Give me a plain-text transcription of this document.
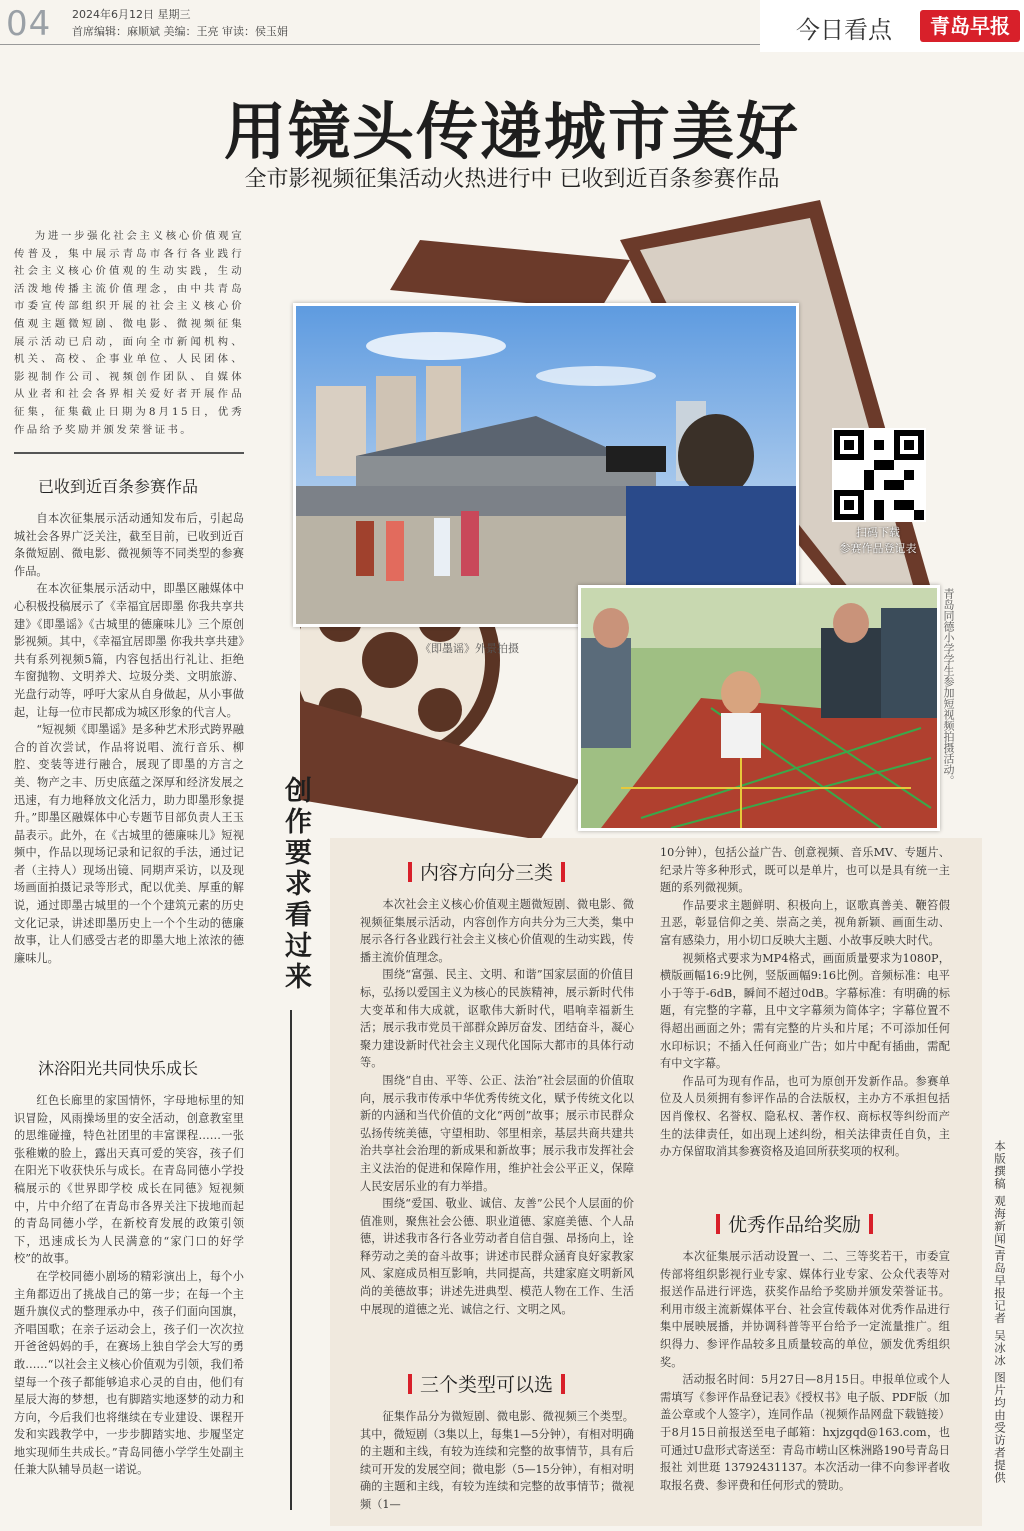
04 2024年6月12日 星期三
首席编辑：麻顺斌 美编：王亮 审读：侯玉娟	今日看点	青岛早报
用镜头传递城市美好
全市影视频征集活动火热进行中 已收到近百条参赛作品

为进一步强化社会主义核心价值观宣传普及，集中展示青岛市各行各业践行社会主义核心价值观的生动实践，生动活泼地传播主流价值理念，由中共青岛市委宣传部组织开展的社会主义核心价值观主题微短剧、微电影、微视频征集展示活动已启动，面向全市新闻机构、机关、高校、企事业单位、人民团体、影视制作公司、视频创作团队、自媒体从业者和社会各界相关爱好者开展作品征集，征集截止日期为8月15日，优秀作品给予奖励并颁发荣誉证书。

已收到近百条参赛作品

自本次征集展示活动通知发布后，引起岛城社会各界广泛关注，截至目前，已收到近百条微短剧、微电影、微视频等不同类型的参赛作品。

在本次征集展示活动中，即墨区融媒体中心积极投稿展示了《幸福宜居即墨 你我共享共建》《即墨谣》《古城里的德廉味儿》三个原创影视频。其中，《幸福宜居即墨 你我共享共建》共有系列视频5篇，内容包括出行礼让、拒绝车窗抛物、文明养犬、垃圾分类、文明旅游、光盘行动等，呼吁大家从自身做起，从小事做起，让每一位市民都成为城区形象的代言人。

“短视频《即墨谣》是多种艺术形式跨界融合的首次尝试，作品将说唱、流行音乐、柳腔、变装等进行融合，展现了即墨的方言之美、物产之丰、历史底蕴之深厚和经济发展之迅速，有力地释放文化活力，助力即墨形象提升。”即墨区融媒体中心专题节目部负责人王玉晶表示。此外，在《古城里的德廉味儿》短视频中，作品以现场记录和记叙的手法，通过记者（主持人）现场出镜、同期声采访，以及现场画面拍摄记录等形式，配以优美、厚重的解说，通过即墨古城里的一个个建筑元素的历史文化记录，讲述即墨历史上一个个生动的德廉故事，让人们感受古老的即墨大地上浓浓的德廉味儿。

沐浴阳光共同快乐成长

红色长廊里的家国情怀，字母地标里的知识冒险，风雨操场里的安全活动，创意教室里的思维碰撞，特色社团里的丰富课程……一张张稚嫩的脸上，露出天真可爱的笑容，孩子们在阳光下收获快乐与成长。在青岛同德小学投稿展示的《世界即学校 成长在同德》短视频中，片中介绍了在青岛市各界关注下拔地而起的青岛同德小学，在新校育发展的政策引领下，迅速成长为人民满意的“家门口的好学校”的故事。

在学校同德小剧场的精彩演出上，每个小主角都迈出了挑战自己的第一步；在每一个主题升旗仪式的整理承办中，孩子们面向国旗，齐唱国歌；在亲子运动会上，孩子们一次次拉开爸爸妈妈的手，在赛场上独自学会大写的勇敢……“以社会主义核心价值观为引领，我们希望每一个孩子都能够追求心灵的自由，他们有星辰大海的梦想，也有脚踏实地逐梦的动力和方向，今后我们也将继续在专业建设、课程开发和实践教学中，一步步脚踏实地、步履坚定地实现师生共成长。”青岛同德小学学生处副主任兼大队辅导员赵一诺说。

创作要求看过来
《即墨谣》外景拍摄
扫码下载
参赛作品登记表
青岛同德小学学生参加短视频拍摄活动。
内容方向分三类

本次社会主义核心价值观主题微短剧、微电影、微视频征集展示活动，内容创作方向共分为三大类，集中展示各行各业践行社会主义核心价值观的生动实践，传播主流价值理念。

围绕“富强、民主、文明、和谐”国家层面的价值目标，弘扬以爱国主义为核心的民族精神，展示新时代伟大变革和伟大成就，讴歌伟大新时代，唱响幸福新生活；展示我市党员干部群众踔厉奋发、团结奋斗，凝心聚力建设新时代社会主义现代化国际大都市的具体行动等。

围绕“自由、平等、公正、法治”社会层面的价值取向，展示我市传承中华优秀传统文化，赋予传统文化以新的内涵和当代价值的文化“两创”故事；展示市民群众弘扬传统美德，守望相助、邻里相亲，基层共商共建共治共享社会治理的新成果和新故事；展示我市发挥社会主义法治的促进和保障作用，维护社会公平正义，保障人民安居乐业的有力举措。

围绕“爱国、敬业、诚信、友善”公民个人层面的价值准则，聚焦社会公德、职业道德、家庭美德、个人品德，讲述我市各行各业劳动者自信自强、昂扬向上，诠释劳动之美的奋斗故事；讲述市民群众涵育良好家教家风、家庭成员相互影响，共同提高，共建家庭文明新风尚的美德故事；讲述先进典型、模范人物在工作、生活中展现的道德之光、诚信之行、文明之风。

三个类型可以选

征集作品分为微短剧、微电影、微视频三个类型。其中，微短剧（3集以上，每集1—5分钟），有相对明确的主题和主线，有较为连续和完整的故事情节，具有后续可开发的发展空间；微电影（5—15分钟），有相对明确的主题和主线，有较为连续和完整的故事情节；微视频（1—

10分钟），包括公益广告、创意视频、音乐MV、专题片、纪录片等多种形式，既可以是单片，也可以是具有统一主题的系列微视频。

作品要求主题鲜明、积极向上，讴歌真善美、鞭笞假丑恶，彰显信仰之美、崇高之美，视角新颖、画面生动、富有感染力，用小切口反映大主题、小故事反映大时代。

视频格式要求为MP4格式，画面质量要求为1080P，横版画幅16:9比例，竖版画幅9:16比例。音频标准：电平小于等于-6dB，瞬间不超过0dB。字幕标准：有明确的标题，有完整的字幕，且中文字幕须为简体字；字幕位置不得超出画面之外；需有完整的片头和片尾；不可添加任何水印标识；不插入任何商业广告；如片中配有插曲，需配有中文字幕。

作品可为现有作品，也可为原创开发新作品。参赛单位及人员须拥有参评作品的合法版权，主办方不承担包括因肖像权、名誉权、隐私权、著作权、商标权等纠纷而产生的法律责任，如出现上述纠纷，相关法律责任自负，主办方保留取消其参赛资格及追回所获奖项的权利。

优秀作品给奖励

本次征集展示活动设置一、二、三等奖若干，市委宣传部将组织影视行业专家、媒体行业专家、公众代表等对报送作品进行评选，获奖作品给予奖励并颁发荣誉证书。利用市级主流新媒体平台、社会宣传载体对优秀作品进行集中展映展播，并协调科普等平台给予一定流量推广。组织得力、参评作品较多且质量较高的单位，颁发优秀组织奖。

活动报名时间：5月27日—8月15日。申报单位或个人需填写《参评作品登记表》《授权书》电子版、PDF版（加盖公章或个人签字），连同作品（视频作品网盘下载链接）于8月15日前报送至电子邮箱：hxjzgqd@163.com，也可通过U盘形式寄送至：青岛市崂山区株洲路190号青岛日报社 刘世珽 13792431137。本次活动一律不向参评者收取报名费、参评费和任何形式的赞助。

本版撰稿 观海新闻/青岛早报记者 吴冰冰 图片均由受访者提供
